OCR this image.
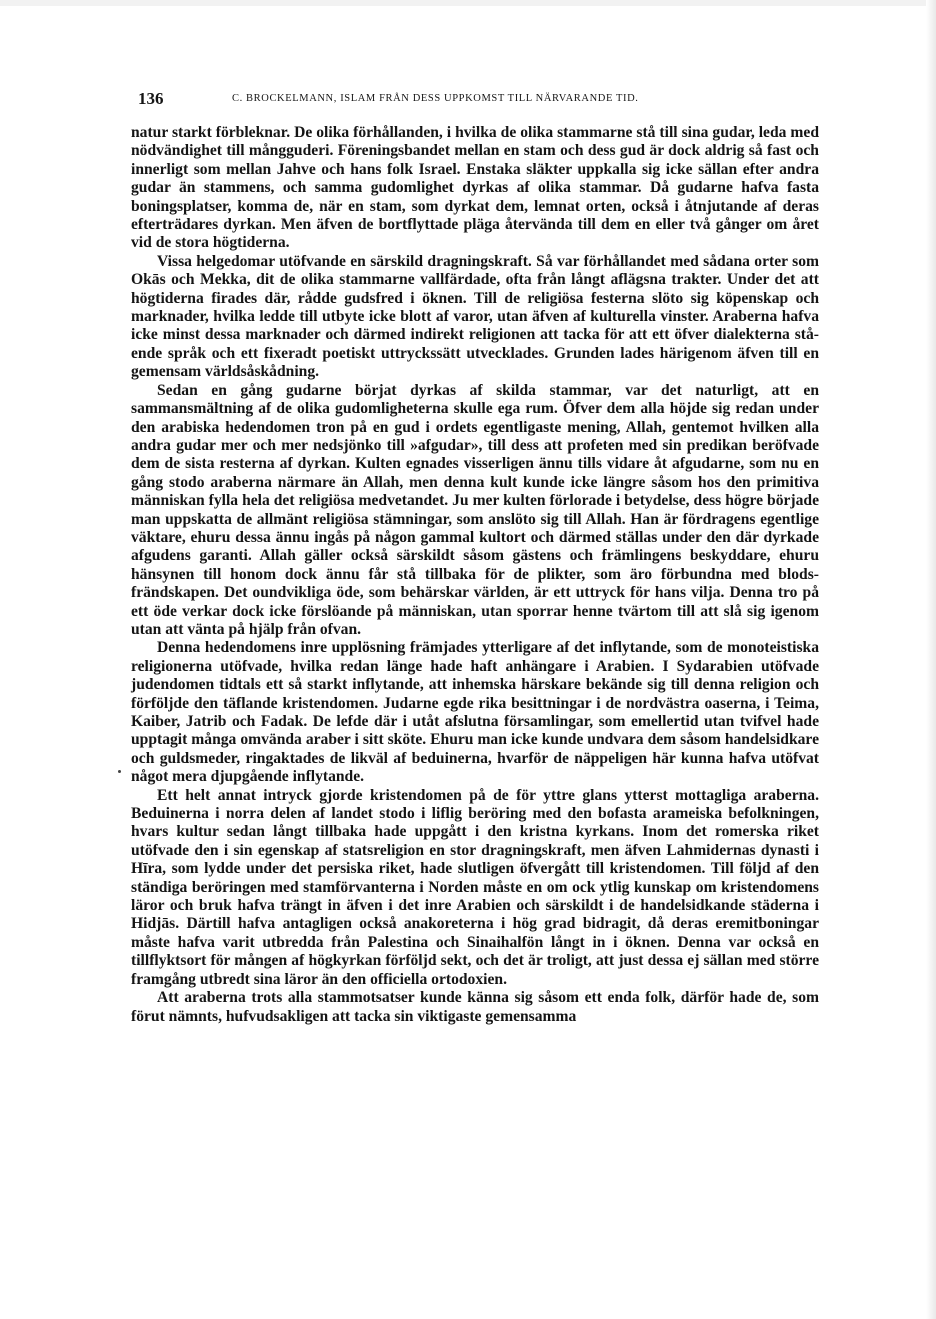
136	C. BROCKELMANN, ISLAM FRÅN DESS UPPKOMST TILL NÄRVARANDE TID.

natur starkt förbleknar. De olika förhållanden, i hvilka de olika stammarne stå till sina gudar, leda med nödvändighet till mångguderi. Föreningsbandet mellan en stam och dess gud är dock aldrig så fast och innerligt som mellan Jahve och hans folk Israel. Enstaka släkter uppkalla sig icke sällan efter andra gudar än stammens, och samma gudomlighet dyrkas af olika stammar. Då gudarne hafva fasta boningsplatser, komma de, när en stam, som dyrkat dem, lemnat orten, också i åtnjutande af deras efterträdares dyrkan. Men äfven de bortflyttade pläga återvända till dem en eller två gånger om året vid de stora högtiderna.

Vissa helgedomar utöfvande en särskild dragningskraft. Så var förhållandet med sådana orter som Okās och Mekka, dit de olika stammarne vallfärdade, ofta från långt aflägsna trakter. Under det att högtiderna firades där, rådde gudsfred i öknen. Till de religiösa festerna slöto sig köpenskap och marknader, hvilka ledde till utbyte icke blott af varor, utan äfven af kulturella vinster. Araberna hafva icke minst dessa marknader och därmed indirekt religionen att tacka för att ett öfver dialekterna stående språk och ett fixeradt poetiskt uttryckssätt utvecklades. Grunden lades härigenom äfven till en gemensam världsåskådning.

Sedan en gång gudarne börjat dyrkas af skilda stammar, var det naturligt, att en sammansmältning af de olika gudomligheterna skulle ega rum. Öfver dem alla höjde sig redan under den arabiska hedendomen tron på en gud i ordets egentligaste mening, Allah, gentemot hvilken alla andra gudar mer och mer nedsjönko till »afgudar», till dess att profeten med sin predikan beröfvade dem de sista resterna af dyrkan. Kulten egnades visserligen ännu tills vidare åt afgudarne, som nu en gång stodo araberna närmare än Allah, men denna kult kunde icke längre såsom hos den primitiva människan fylla hela det religiösa medvetandet. Ju mer kulten förlorade i betydelse, dess högre började man uppskatta de allmänt religiösa stämningar, som anslöto sig till Allah. Han är fördragens egentlige väktare, ehuru dessa ännu ingås på någon gammal kultort och därmed ställas under den där dyrkade afgudens garanti. Allah gäller också särskildt såsom gästens och främlingens beskyddare, ehuru hänsynen till honom dock ännu får stå tillbaka för de plikter, som äro förbundna med blodsfrändskapen. Det oundvikliga öde, som behärskar världen, är ett uttryck för hans vilja. Denna tro på ett öde verkar dock icke förslöande på människan, utan sporrar henne tvärtom till att slå sig igenom utan att vänta på hjälp från ofvan.

Denna hedendomens inre upplösning främjades ytterligare af det inflytande, som de monoteistiska religionerna utöfvade, hvilka redan länge hade haft anhängare i Arabien. I Sydarabien utöfvade judendomen tidtals ett så starkt inflytande, att inhemska härskare bekände sig till denna religion och förföljde den täflande kristendomen. Judarne egde rika besittningar i de nordvästra oaserna, i Teima, Kaiber, Jatrib och Fadak. De lefde där i utåt afslutna församlingar, som emellertid utan tvifvel hade upptagit många omvända araber i sitt sköte. Ehuru man icke kunde undvara dem såsom handelsidkare och guldsmeder, ringaktades de likväl af beduinerna, hvarför de näppeligen här kunna hafva utöfvat något mera djupgående inflytande.

Ett helt annat intryck gjorde kristendomen på de för yttre glans ytterst mottagliga araberna. Beduinerna i norra delen af landet stodo i liflig beröring med den bofasta arameiska befolkningen, hvars kultur sedan långt tillbaka hade uppgått i den kristna kyrkans. Inom det romerska riket utöfvade den i sin egenskap af statsreligion en stor dragningskraft, men äfven Lahmidernas dynasti i Hīra, som lydde under det persiska riket, hade slutligen öfvergått till kristendomen. Till följd af den ständiga beröringen med stamförvanterna i Norden måste en om ock ytlig kunskap om kristendomens läror och bruk hafva trängt in äfven i det inre Arabien och särskildt i de handelsidkande städerna i Hidjās. Därtill hafva antagligen också anakoreterna i hög grad bidragit, då deras eremitboningar måste hafva varit utbredda från Palestina och Sinaihalfön långt in i öknen. Denna var också en tillflyktsort för mången af högkyrkan förföljd sekt, och det är troligt, att just dessa ej sällan med större framgång utbredt sina läror än den officiella ortodoxien.

Att araberna trots alla stammotsatser kunde känna sig såsom ett enda folk, därför hade de, som förut nämnts, hufvudsakligen att tacka sin viktigaste gemensamma
